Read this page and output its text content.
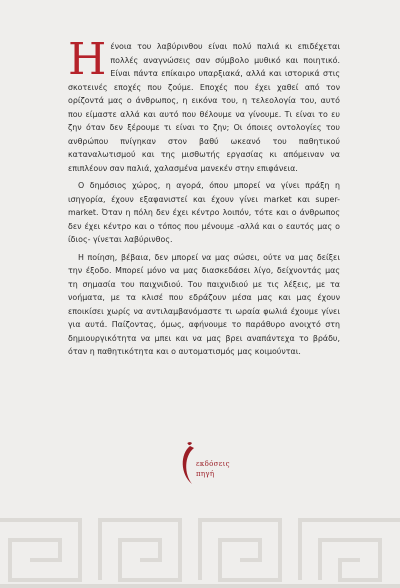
Ηένοια του λαβύρινθου είναι πολύ παλιά κι επιδέχεται πολλές αναγνώσεις σαν σύμβολο μυθικό και ποιητικό. Είναι πάντα επίκαιρο υπαρξιακά, αλλά και ιστορικά στις σκοτεινές εποχές που ζούμε. Εποχές που έχει χαθεί από τον ορίζοντά μας ο άνθρωπος, η εικόνα του, η τελεολογία του, αυτό που είμαστε αλλά και αυτό που θέλουμε να γίνουμε. Τι είναι το ευ ζην όταν δεν ξέρουμε τι είναι το ζην; Οι όποιες οντολογίες του ανθρώπου πνίγηκαν στον βαθύ ωκεανό του παθητικού καταναλωτισμού και της μισθωτής εργασίας κι απόμειναν να επιπλέουν σαν παλιά, χαλασμένα μανεκέν στην επιφάνεια.

Ο δημόσιος χώρος, η αγορά, όπου μπορεί να γίνει πράξη η ισηγορία, έχουν εξαφανιστεί και έχουν γίνει market και super-market. Όταν η πόλη δεν έχει κέντρο λοιπόν, τότε και ο άνθρωπος δεν έχει κέντρο και ο τόπος που μένουμε -αλλά και ο εαυτός μας ο ίδιος- γίνεται λαβύρινθος.

Η ποίηση, βέβαια, δεν μπορεί να μας σώσει, ούτε να μας δείξει την έξοδο. Μπορεί μόνο να μας διασκεδάσει λίγο, δείχνοντάς μας τη σημασία του παιχνιδιού. Του παιχνιδιού με τις λέξεις, με τα νοήματα, με τα κλισέ που εδράζουν μέσα μας και μας έχουν εποικίσει χωρίς να αντιλαμβανόμαστε τι ωραία φωλιά έχουμε γίνει για αυτά. Παίζοντας, όμως, αφήνουμε το παράθυρο ανοιχτό στη δημιουργικότητα να μπει και να μας βρει αναπάντεχα το βράδυ, όταν η παθητικότητα και ο αυτοματισμός μας κοιμούνται.

εκδόσεις
πηγή
